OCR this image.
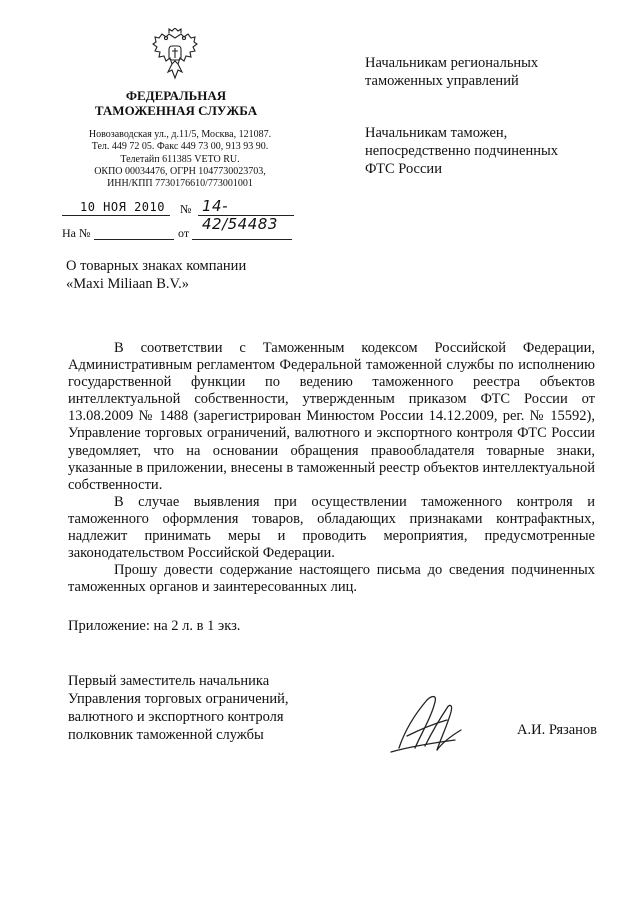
ФЕДЕРАЛЬНАЯ
ТАМОЖЕННАЯ СЛУЖБА
Новозаводская ул., д.11/5, Москва, 121087.
Тел. 449 72 05. Факс 449 73 00, 913 93 90.
Телетайп 611385 VETO RU.
ОКПО 00034476, ОГРН 1047730023703,
ИНН/КПП 7730176610/773001001
10 НОЯ 2010 № 14-42/54483
На №	от
Начальникам региональных
таможенных управлений
Начальникам таможен,
непосредственно подчиненных
ФТС России
О товарных знаках компании
«Maxi Miliaan B.V.»

В соответствии с Таможенным кодексом Российской Федерации, Административным регламентом Федеральной таможенной службы по исполнению государственной функции по ведению таможенного реестра объектов интеллектуальной собственности, утвержденным приказом ФТС России от 13.08.2009 № 1488 (зарегистрирован Минюстом России 14.12.2009, рег. № 15592), Управление торговых ограничений, валютного и экспортного контроля ФТС России уведомляет, что на основании обращения правообладателя товарные знаки, указанные в приложении, внесены в таможенный реестр объектов интеллектуальной собственности.

В случае выявления при осуществлении таможенного контроля и таможенного оформления товаров, обладающих признаками контрафактных, надлежит принимать меры и проводить мероприятия, предусмотренные законодательством Российской Федерации.

Прошу довести содержание настоящего письма до сведения подчиненных таможенных органов и заинтересованных лиц.

Приложение: на 2 л. в 1 экз.
Первый заместитель начальника
Управления торговых ограничений,
валютного и экспортного контроля
полковник таможенной службы	А.И. Рязанов
